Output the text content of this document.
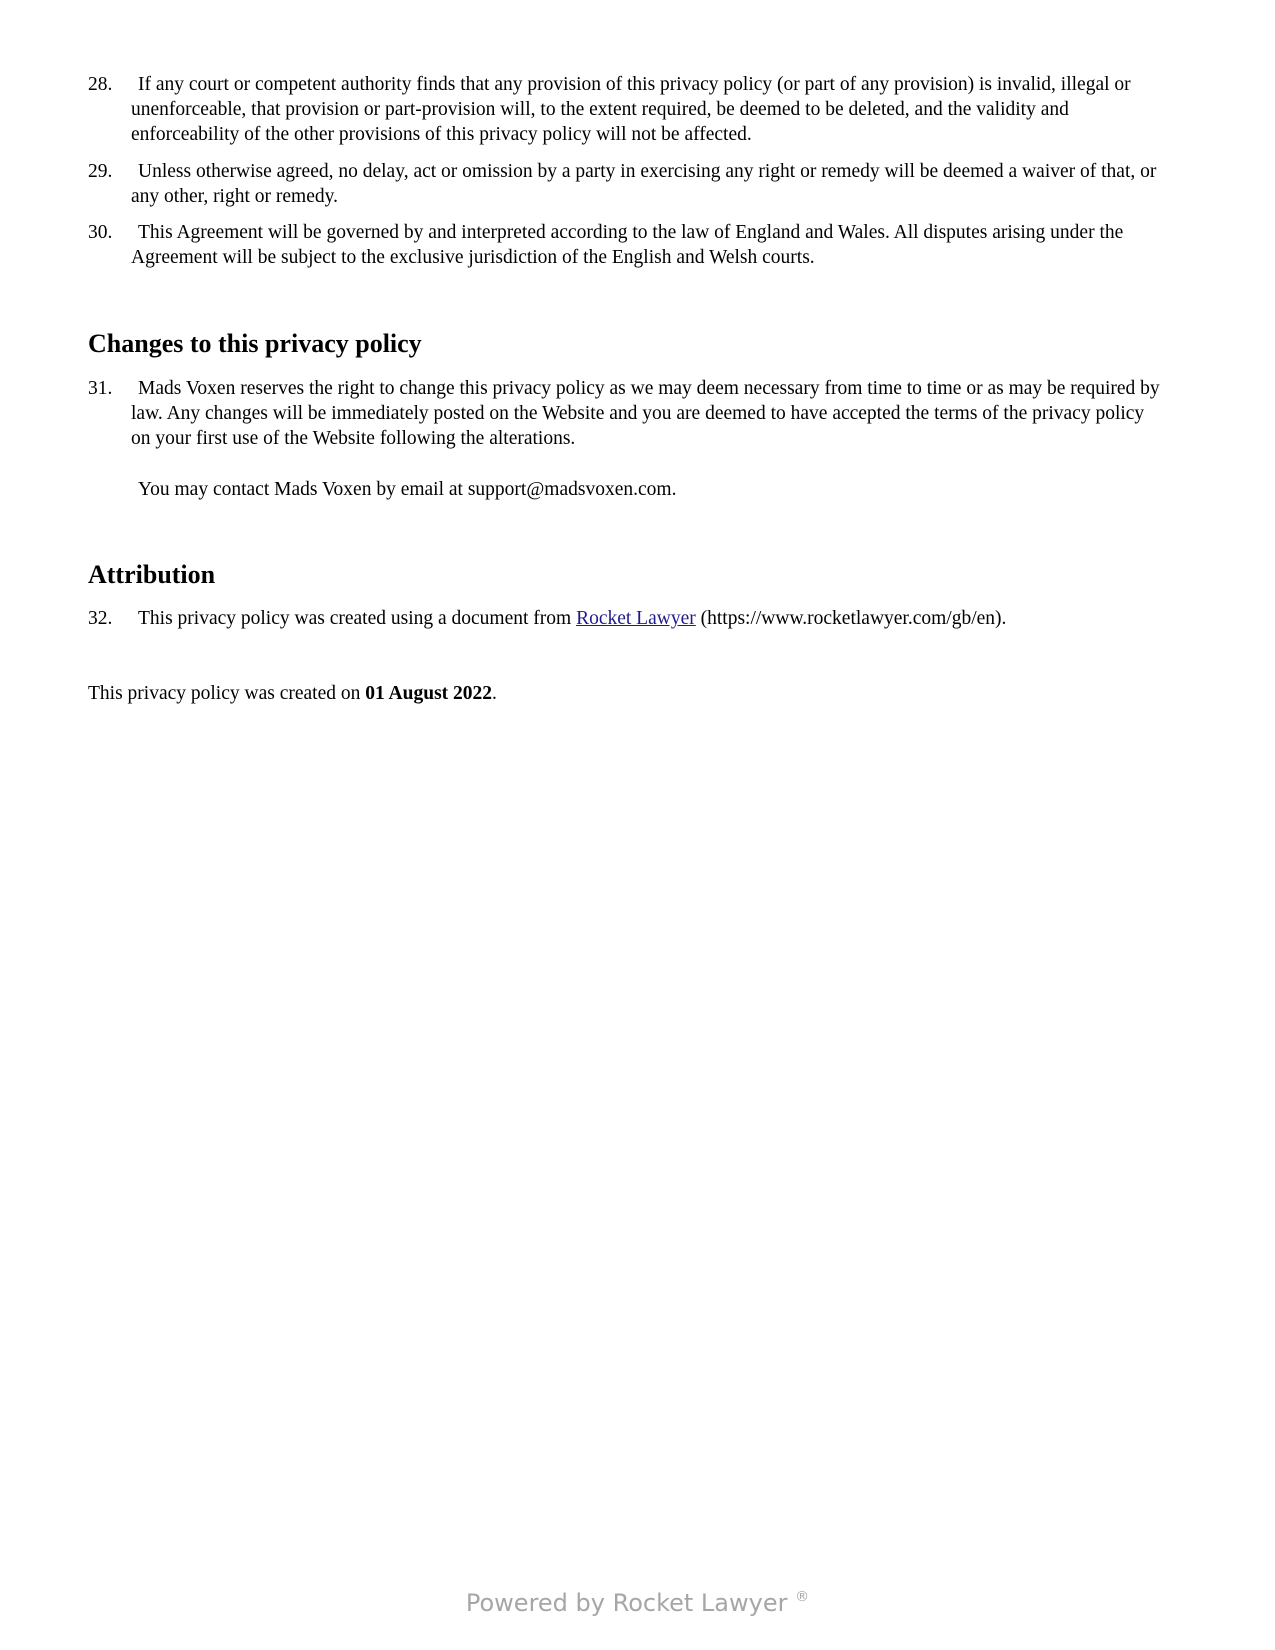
28.	If any court or competent authority finds that any provision of this privacy policy (or part of any provision) is invalid, illegal or unenforceable, that provision or part-provision will, to the extent required, be deemed to be deleted, and the validity and enforceability of the other provisions of this privacy policy will not be affected.
29.	Unless otherwise agreed, no delay, act or omission by a party in exercising any right or remedy will be deemed a waiver of that, or any other, right or remedy.
30.	This Agreement will be governed by and interpreted according to the law of England and Wales. All disputes arising under the Agreement will be subject to the exclusive jurisdiction of the English and Welsh courts.
Changes to this privacy policy
31.	Mads Voxen reserves the right to change this privacy policy as we may deem necessary from time to time or as may be required by law. Any changes will be immediately posted on the Website and you are deemed to have accepted the terms of the privacy policy on your first use of the Website following the alterations.
You may contact Mads Voxen by email at support@madsvoxen.com.
Attribution
32.	This privacy policy was created using a document from Rocket Lawyer (https://www.rocketlawyer.com/gb/en).
This privacy policy was created on 01 August 2022.
Powered by Rocket Lawyer ®
